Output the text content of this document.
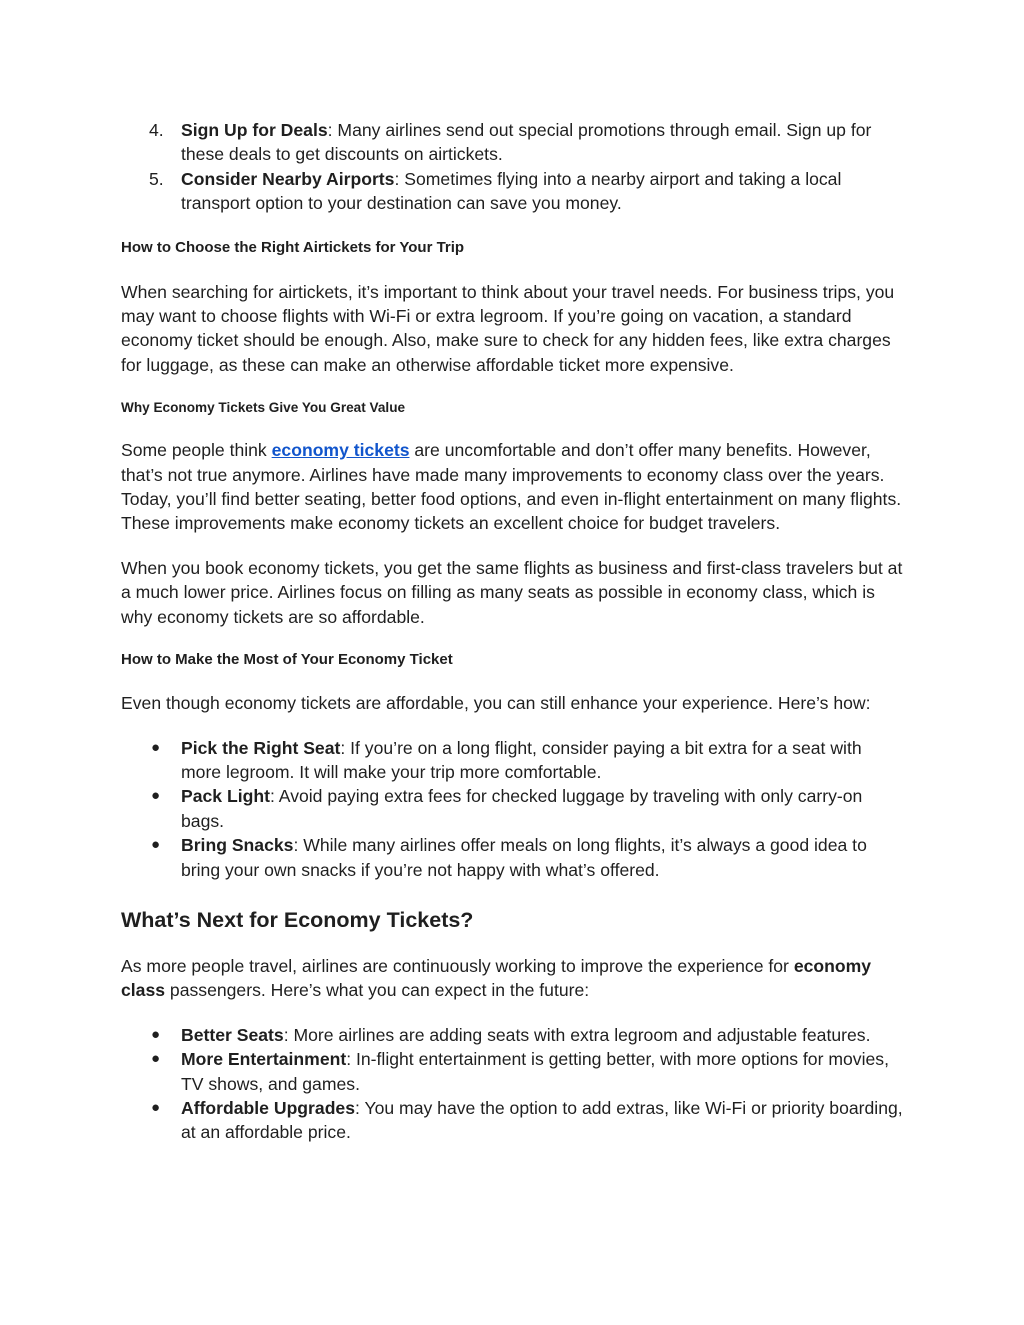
4. Sign Up for Deals: Many airlines send out special promotions through email. Sign up for these deals to get discounts on airtickets.
5. Consider Nearby Airports: Sometimes flying into a nearby airport and taking a local transport option to your destination can save you money.
How to Choose the Right Airtickets for Your Trip

When searching for airtickets, it’s important to think about your travel needs. For business trips, you may want to choose flights with Wi-Fi or extra legroom. If you’re going on vacation, a standard economy ticket should be enough. Also, make sure to check for any hidden fees, like extra charges for luggage, as these can make an otherwise affordable ticket more expensive.

Why Economy Tickets Give You Great Value

Some people think economy tickets are uncomfortable and don’t offer many benefits. However, that’s not true anymore. Airlines have made many improvements to economy class over the years. Today, you’ll find better seating, better food options, and even in-flight entertainment on many flights. These improvements make economy tickets an excellent choice for budget travelers.

When you book economy tickets, you get the same flights as business and first-class travelers but at a much lower price. Airlines focus on filling as many seats as possible in economy class, which is why economy tickets are so affordable.

How to Make the Most of Your Economy Ticket

Even though economy tickets are affordable, you can still enhance your experience. Here’s how:

● Pick the Right Seat: If you’re on a long flight, consider paying a bit extra for a seat with more legroom. It will make your trip more comfortable.
● Pack Light: Avoid paying extra fees for checked luggage by traveling with only carry-on bags.
● Bring Snacks: While many airlines offer meals on long flights, it’s always a good idea to bring your own snacks if you’re not happy with what’s offered.
What’s Next for Economy Tickets?

As more people travel, airlines are continuously working to improve the experience for economy class passengers. Here’s what you can expect in the future:

● Better Seats: More airlines are adding seats with extra legroom and adjustable features.
● More Entertainment: In-flight entertainment is getting better, with more options for movies, TV shows, and games.
● Affordable Upgrades: You may have the option to add extras, like Wi-Fi or priority boarding, at an affordable price.
